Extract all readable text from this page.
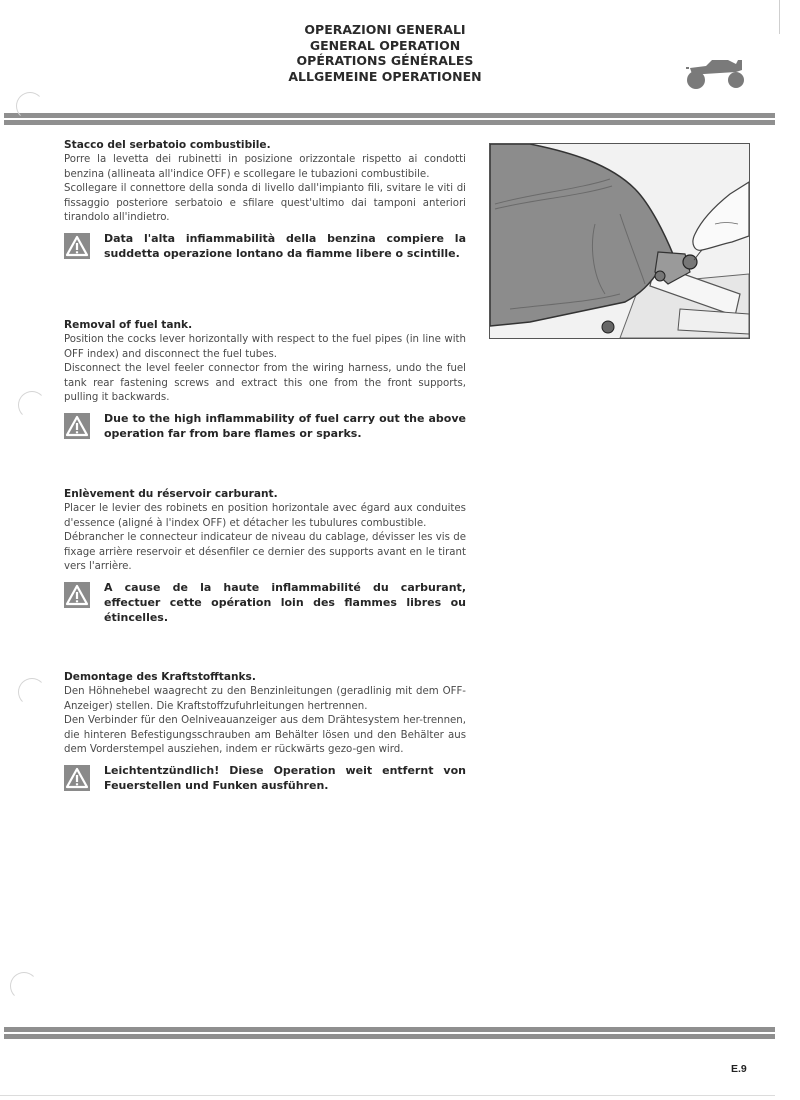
OPERAZIONI GENERALI
GENERAL OPERATION
OPÉRATIONS GÉNÉRALES
ALLGEMEINE OPERATIONEN
Stacco del serbatoio combustibile.

Porre la levetta dei rubinetti in posizione orizzontale rispetto ai condotti benzina (allineata all'indice OFF) e scollegare le tubazioni combustibile.

Scollegare il connettore della sonda di livello dall'impianto fili, svitare le viti di fissaggio posteriore serbatoio e sfilare quest'ultimo dai tamponi anteriori tirandolo all'indietro.

Data l'alta infiammabilità della benzina compiere la suddetta operazione lontano da fiamme libere o scintille.
Removal of fuel tank.

Position the cocks lever horizontally with respect to the fuel pipes (in line with OFF index) and disconnect the fuel tubes.

Disconnect the level feeler connector from the wiring harness, undo the fuel tank rear fastening screws and extract this one from the front supports, pulling it backwards.

Due to the high inflammability of fuel carry out the above operation far from bare flames or sparks.
Enlèvement du réservoir carburant.

Placer le levier des robinets en position horizontale avec égard aux conduites d'essence (aligné à l'index OFF) et détacher les tubulures combustible.

Débrancher le connecteur indicateur de niveau du cablage, dévisser les vis de fixage arrière reservoir et désenfiler ce dernier des supports avant en le tirant vers l'arrière.

A cause de la haute inflammabilité du carburant, effectuer cette opération loin des flammes libres ou étincelles.
Demontage des Kraftstofftanks.

Den Höhnehebel waagrecht zu den Benzinleitungen (geradlinig mit dem OFF-Anzeiger) stellen. Die Kraftstoffzufuhrleitungen hertrennen.

Den Verbinder für den Oelniveauanzeiger aus dem Drähtesystem her-trennen, die hinteren Befestigungsschrauben am Behälter lösen und den Behälter aus dem Vorderstempel ausziehen, indem er rückwärts gezo-gen wird.

Leichtentzündlich! Diese Operation weit entfernt von Feuerstellen und Funken ausführen.
E.9
